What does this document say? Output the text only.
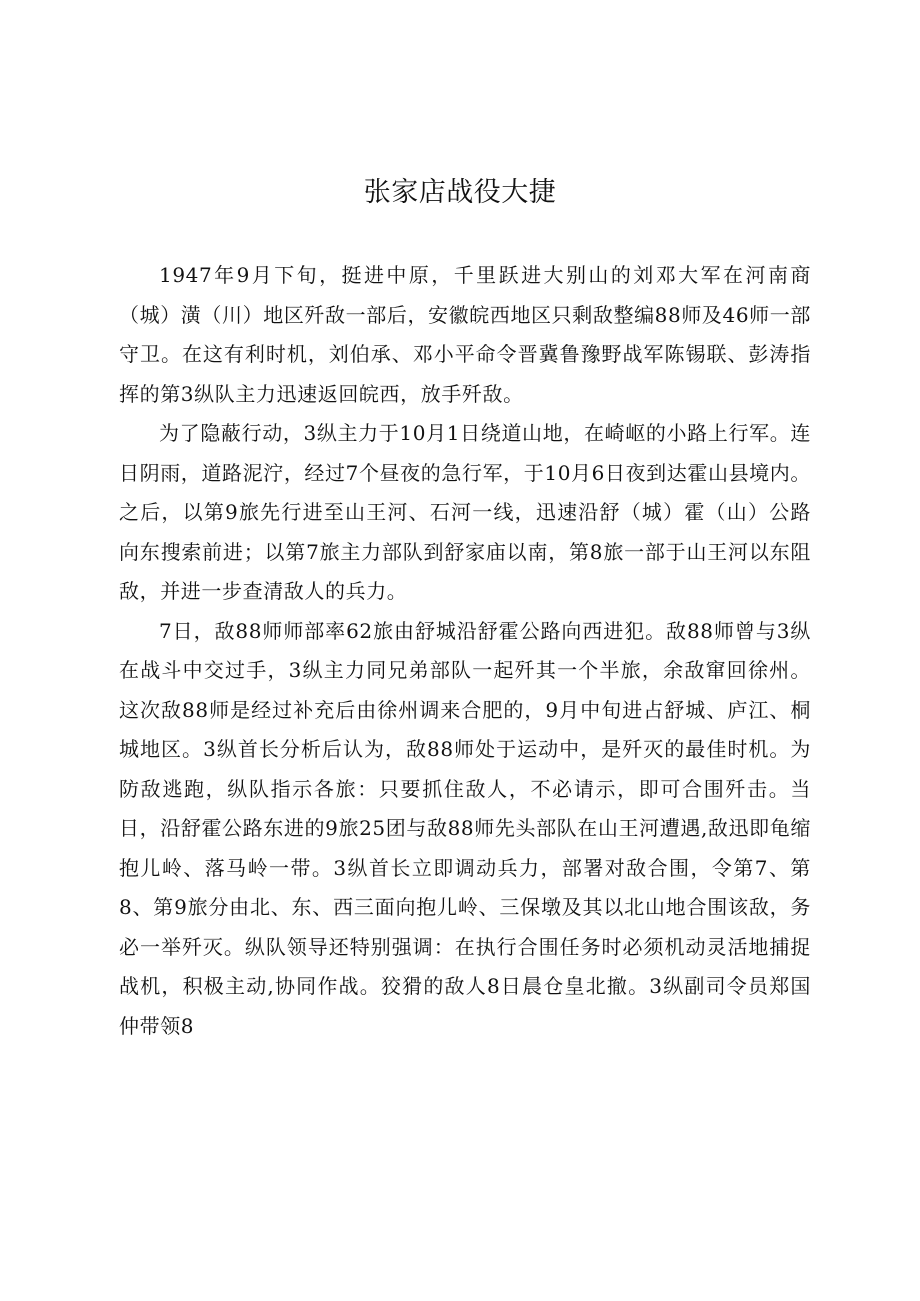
张家店战役大捷

1947年9月下旬，挺进中原，千里跃进大别山的刘邓大军在河南商（城）潢（川）地区歼敌一部后，安徽皖西地区只剩敌整编88师及46师一部守卫。在这有利时机，刘伯承、邓小平命令晋冀鲁豫野战军陈锡联、彭涛指挥的第3纵队主力迅速返回皖西，放手歼敌。

为了隐蔽行动，3纵主力于10月1日绕道山地，在崎岖的小路上行军。连日阴雨，道路泥泞，经过7个昼夜的急行军，于10月6日夜到达霍山县境内。之后，以第9旅先行进至山王河、石河一线，迅速沿舒（城）霍（山）公路向东搜索前进；以第7旅主力部队到舒家庙以南，第8旅一部于山王河以东阻敌，并进一步查清敌人的兵力。

7日，敌88师师部率62旅由舒城沿舒霍公路向西进犯。敌88师曾与3纵在战斗中交过手，3纵主力同兄弟部队一起歼其一个半旅，余敌窜回徐州。这次敌88师是经过补充后由徐州调来合肥的，9月中旬进占舒城、庐江、桐城地区。3纵首长分析后认为，敌88师处于运动中，是歼灭的最佳时机。为防敌逃跑，纵队指示各旅：只要抓住敌人，不必请示，即可合围歼击。当日，沿舒霍公路东进的9旅25团与敌88师先头部队在山王河遭遇,敌迅即龟缩抱儿岭、落马岭一带。3纵首长立即调动兵力，部署对敌合围，令第7、第8、第9旅分由北、东、西三面向抱儿岭、三保墩及其以北山地合围该敌，务必一举歼灭。纵队领导还特别强调：在执行合围任务时必须机动灵活地捕捉战机，积极主动,协同作战。狡猾的敌人8日晨仓皇北撤。3纵副司令员郑国仲带领8
